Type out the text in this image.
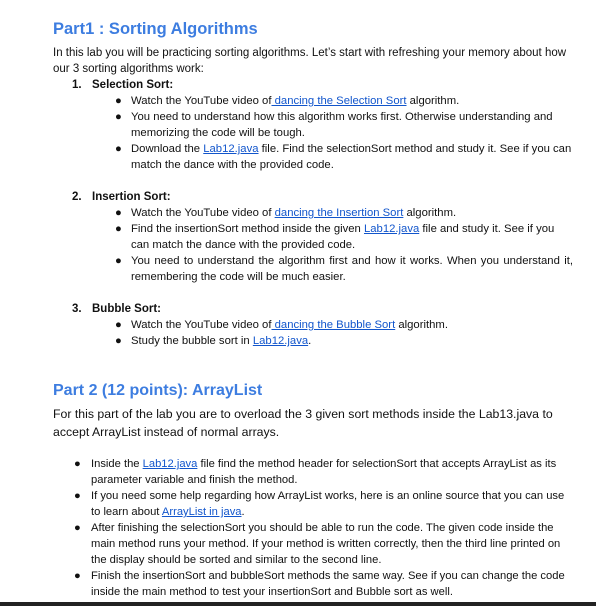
Part1 : Sorting Algorithms

In this lab you will be practicing sorting algorithms. Let’s start with refreshing your memory about how our 3 sorting algorithms work:

1. Selection Sort:
● Watch the YouTube video of dancing the Selection Sort algorithm.
● You need to understand how this algorithm works first. Otherwise understanding and memorizing the code will be tough.
● Download the Lab12.java file. Find the selectionSort method and study it. See if you can match the dance with the provided code.
2. Insertion Sort:
● Watch the YouTube video of dancing the Insertion Sort algorithm.
● Find the insertionSort method inside the given Lab12.java file and study it. See if you can match the dance with the provided code.
● You need to understand the algorithm first and how it works. When you understand it, remembering the code will be much easier.
3. Bubble Sort:
● Watch the YouTube video of dancing the Bubble Sort algorithm.
● Study the bubble sort in Lab12.java.
Part 2 (12 points): ArrayList

For this part of the lab you are to overload the 3 given sort methods inside the Lab13.java to accept ArrayList instead of normal arrays.

● Inside the Lab12.java file find the method header for selectionSort that accepts ArrayList as its parameter variable and finish the method.
● If you need some help regarding how ArrayList works, here is an online source that you can use to learn about ArrayList in java.
● After finishing the selectionSort you should be able to run the code. The given code inside the main method runs your method. If your method is written correctly, then the third line printed on the display should be sorted and similar to the second line.
● Finish the insertionSort and bubbleSort methods the same way. See if you can change the code inside the main method to test your insertionSort and Bubble sort as well.
